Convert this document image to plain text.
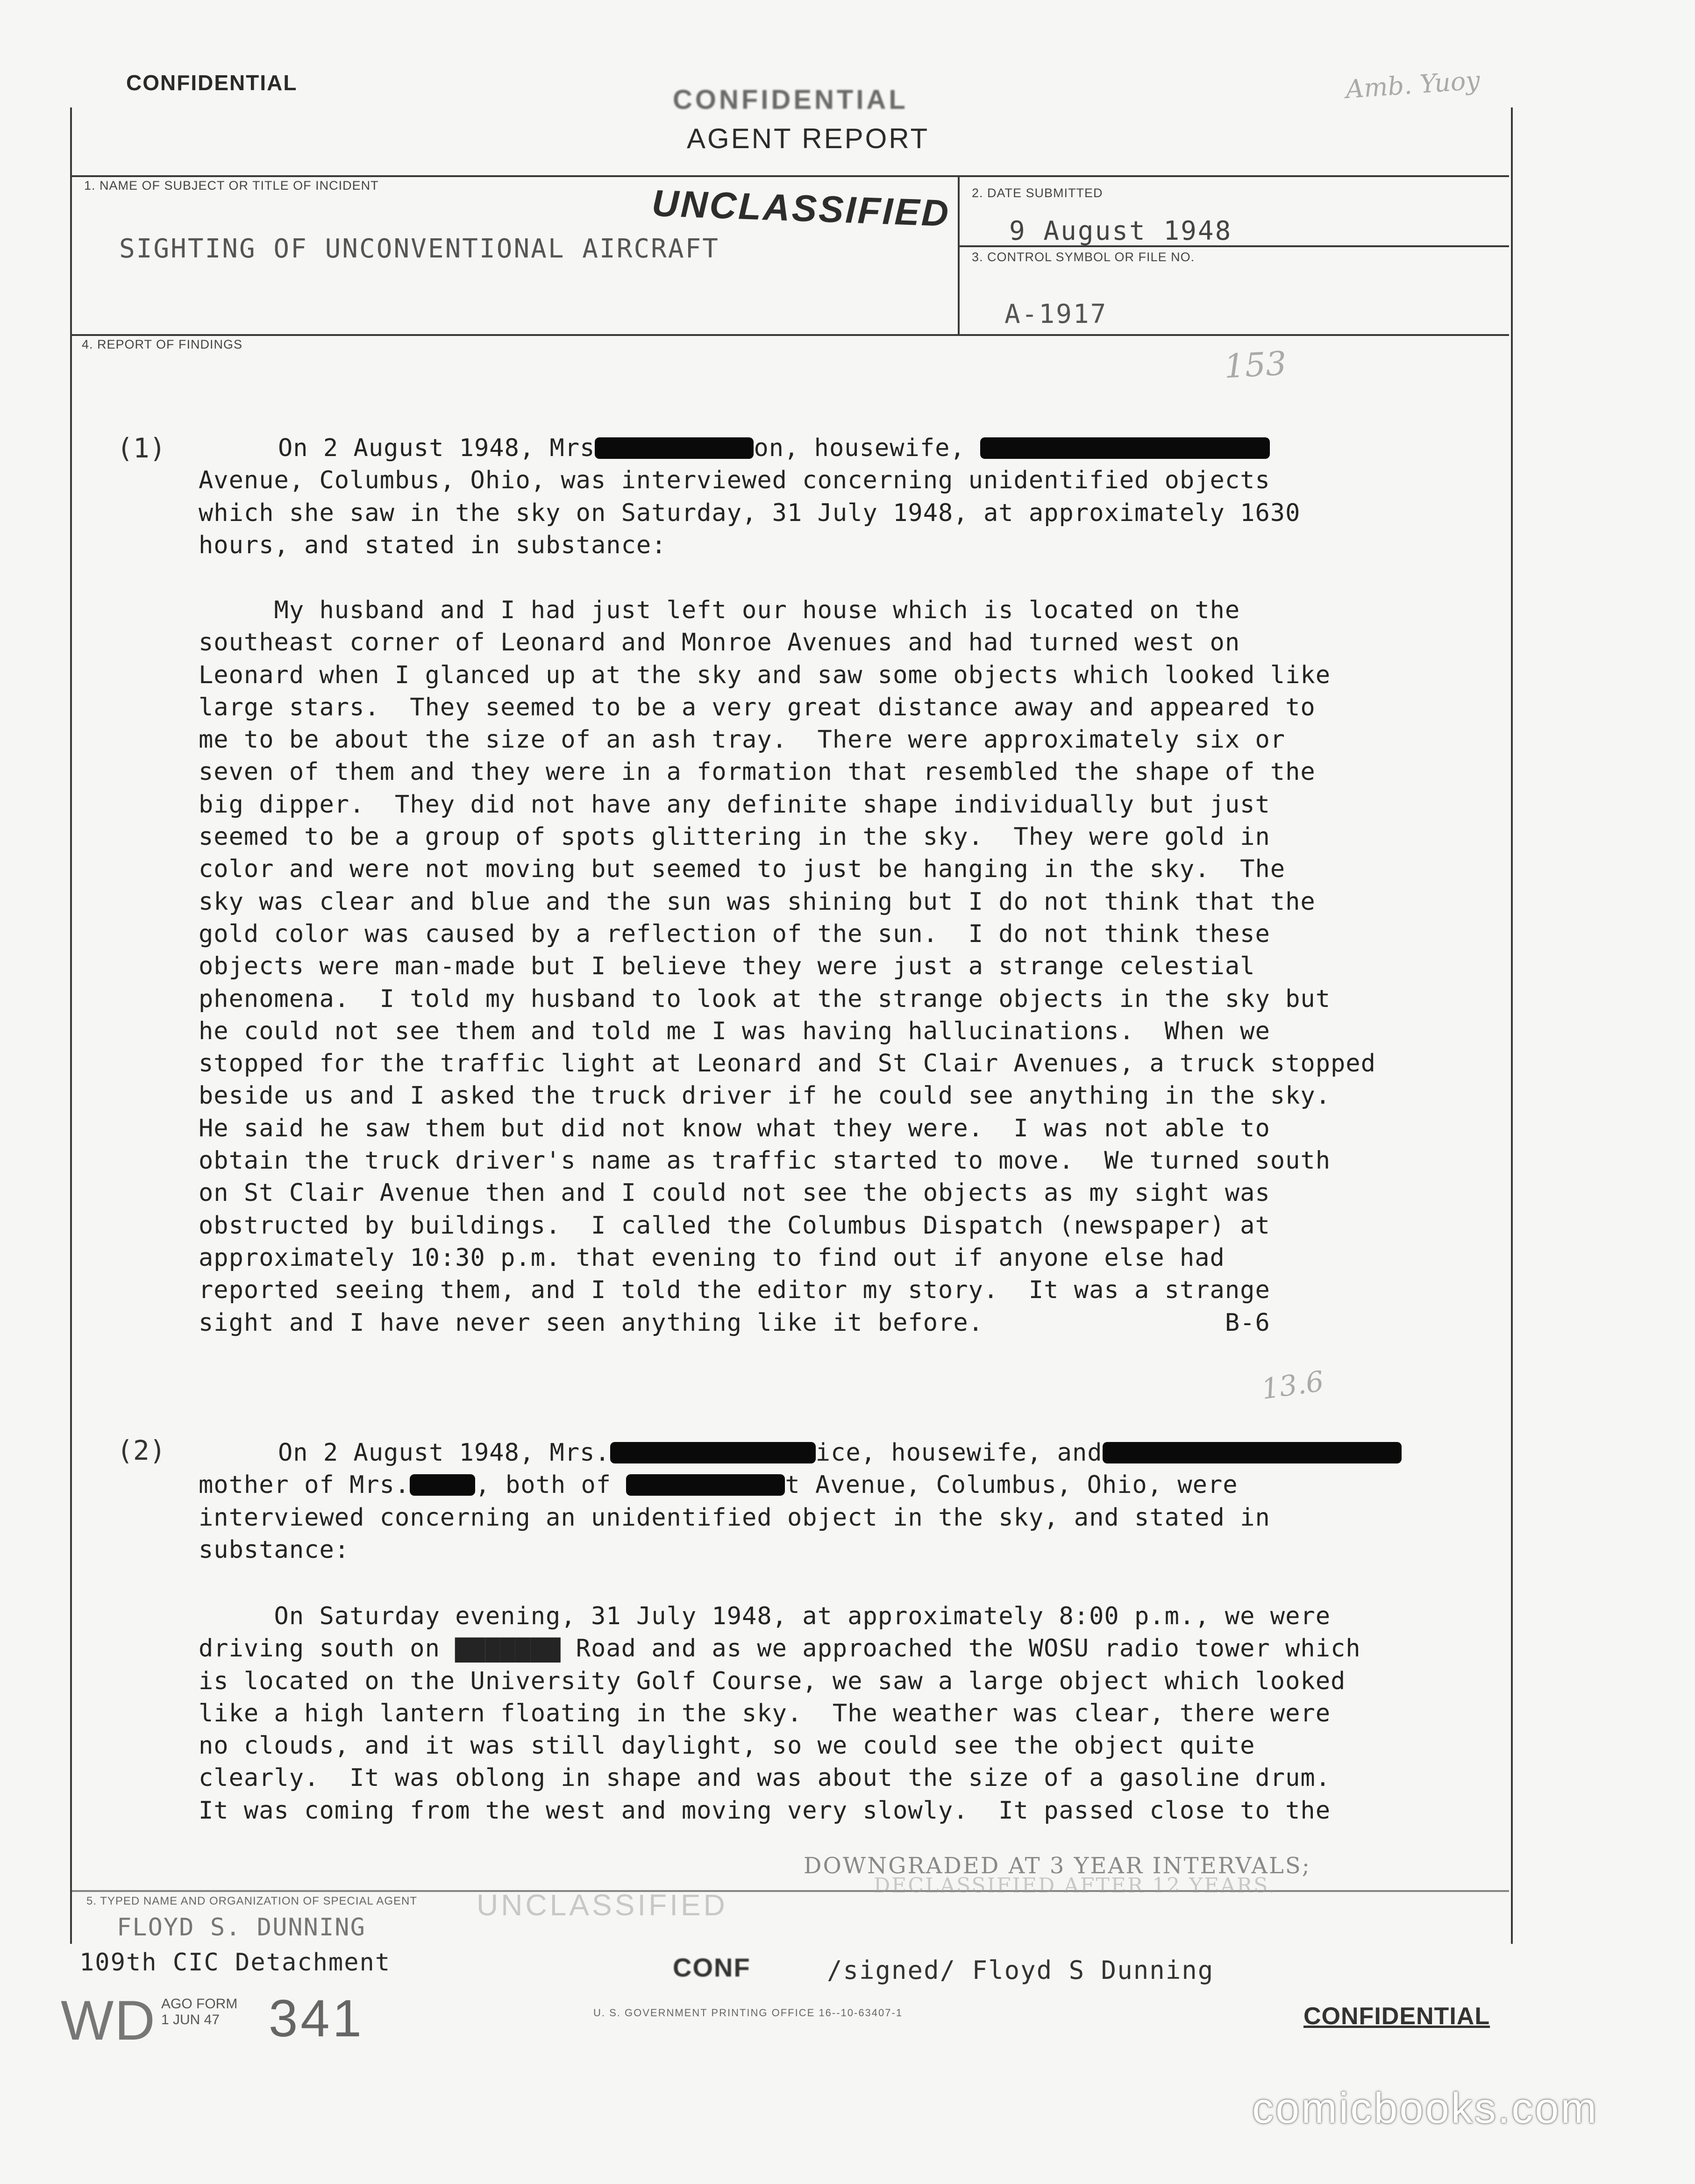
CONFIDENTIAL
CONFIDENTIAL
AGENT REPORT
Amb. Yuoy
1. NAME OF SUBJECT OR TITLE OF INCIDENT	UNCLASSIFIED
SIGHTING OF UNCONVENTIONAL AIRCRAFT
2. DATE SUBMITTED
9 August 1948
3. CONTROL SYMBOL OR FILE NO.
A-1917
153
4. REPORT OF FINDINGS
(1)	On 2 August 1948, Mrs	on, housewife,
Avenue, Columbus, Ohio, was interviewed concerning unidentified objects
which she saw in the sky on Saturday, 31 July 1948, at approximately 1630
hours, and stated in substance:
My husband and I had just left our house which is located on the
southeast corner of Leonard and Monroe Avenues and had turned west on
Leonard when I glanced up at the sky and saw some objects which looked like
large stars.  They seemed to be a very great distance away and appeared to
me to be about the size of an ash tray.  There were approximately six or
seven of them and they were in a formation that resembled the shape of the
big dipper.  They did not have any definite shape individually but just
seemed to be a group of spots glittering in the sky.  They were gold in
color and were not moving but seemed to just be hanging in the sky.  The
sky was clear and blue and the sun was shining but I do not think that the
gold color was caused by a reflection of the sun.  I do not think these
objects were man-made but I believe they were just a strange celestial
phenomena.  I told my husband to look at the strange objects in the sky but
he could not see them and told me I was having hallucinations.  When we
stopped for the traffic light at Leonard and St Clair Avenues, a truck stopped
beside us and I asked the truck driver if he could see anything in the sky.
He said he saw them but did not know what they were.  I was not able to
obtain the truck driver's name as traffic started to move.  We turned south
on St Clair Avenue then and I could not see the objects as my sight was
obstructed by buildings.  I called the Columbus Dispatch (newspaper) at
approximately 10:30 p.m. that evening to find out if anyone else had
reported seeing them, and I told the editor my story.  It was a strange
sight and I have never seen anything like it before.                B-6
13.6
(2)	On 2 August 1948, Mrs.	ice, housewife, and
mother of Mrs.	, both of	t Avenue, Columbus, Ohio, were
interviewed concerning an unidentified object in the sky, and stated in
substance:
On Saturday evening, 31 July 1948, at approximately 8:00 p.m., we were
driving south on ▇▇▇▇▇▇▇ Road and as we approached the WOSU radio tower which
is located on the University Golf Course, we saw a large object which looked
like a high lantern floating in the sky.  The weather was clear, there were
no clouds, and it was still daylight, so we could see the object quite
clearly.  It was oblong in shape and was about the size of a gasoline drum.
It was coming from the west and moving very slowly.  It passed close to the
DOWNGRADED AT 3 YEAR INTERVALS;
DECLASSIFIED AFTER 12 YEARS.
5. TYPED NAME AND ORGANIZATION OF SPECIAL AGENT UNCLASSIFIED
FLOYD S. DUNNING
109th CIC Detachment	CONF	/signed/ Floyd S Dunning
WD AGO FORM
1 JUN 47 341	U. S. GOVERNMENT PRINTING OFFICE 16--10-63407-1	CONFIDENTIAL
comicbooks.com
